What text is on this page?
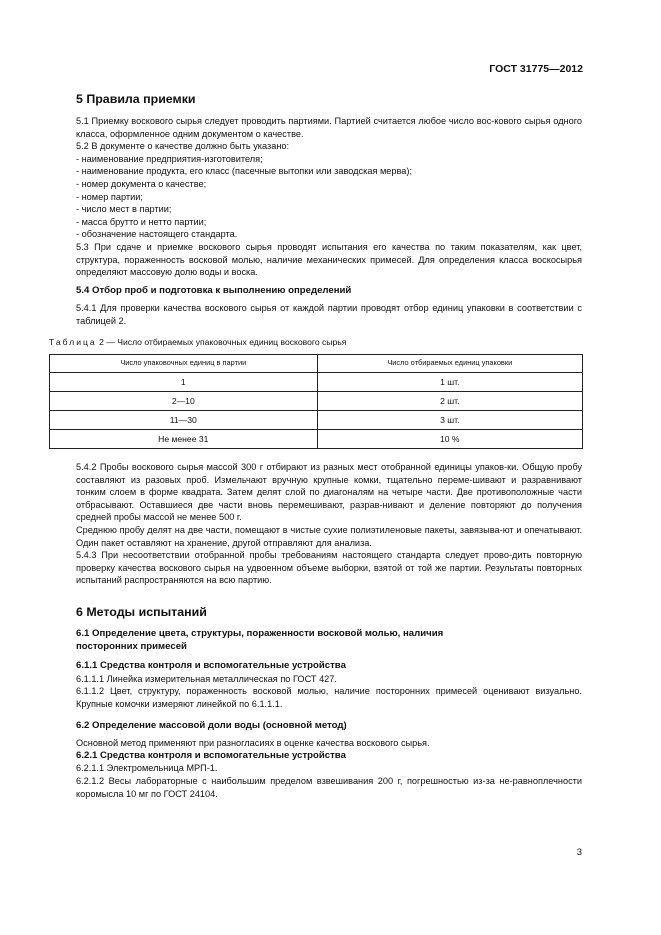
ГОСТ 31775—2012
5 Правила приемки

5.1 Приемку воскового сырья следует проводить партиями. Партией считается любое число вос-кового сырья одного класса, оформленное одним документом о качестве.

5.2 В документе о качестве должно быть указано:

- наименование предприятия-изготовителя;
- наименование продукта, его класс (пасечные вытопки или заводская мерва);
- номер документа о качестве;
- номер партии;
- число мест в партии;
- масса брутто и нетто партии;
- обозначение настоящего стандарта.

5.3 При сдаче и приемке воскового сырья проводят испытания его качества по таким показателям, как цвет, структура, пораженность восковой молью, наличие механических примесей. Для определения класса воскосырья определяют массовую долю воды и воска.

5.4 Отбор проб и подготовка к выполнению определений

5.4.1 Для проверки качества воскового сырья от каждой партии проводят отбор единиц упаковки в соответствии с таблицей 2.

Таблица 2 — Число отбираемых упаковочных единиц воскового сырья
Число упаковочных единиц в партии	Число отбираемых единиц упаковки
1	1 шт.
2—10	2 шт.
11—30	3 шт.
Не менее 31	10 %

5.4.2 Пробы воскового сырья массой 300 г отбирают из разных мест отобранной единицы упаков-ки. Общую пробу составляют из разовых проб. Измельчают вручную крупные комки, тщательно переме-шивают и разравнивают тонким слоем в форме квадрата. Затем делят слой по диагоналям на четыре части. Две противоположные части отбрасывают. Оставшиеся две части вновь перемешивают, разрав-нивают и деление повторяют до получения средней пробы массой не менее 500 г.

Среднюю пробу делят на две части, помещают в чистые сухие полиэтиленовые пакеты, завязыва-ют и опечатывают. Один пакет оставляют на хранение, другой отправляют для анализа.

5.4.3 При несоответствии отобранной пробы требованиям настоящего стандарта следует прово-дить повторную проверку качества воскового сырья на удвоенном объеме выборки, взятой от той же партии. Результаты повторных испытаний распространяются на всю партию.

6 Методы испытаний
6.1 Определение цвета, структуры, пораженности восковой молью, наличия посторонних примесей
6.1.1 Средства контроля и вспомогательные устройства

6.1.1.1 Линейка измерительная металлическая по ГОСТ 427.

6.1.1.2 Цвет, структуру, пораженность восковой молью, наличие посторонних примесей оценивают визуально. Крупные комочки измеряют линейкой по 6.1.1.1.

6.2 Определение массовой доли воды (основной метод)

Основной метод применяют при разногласиях в оценке качества воскового сырья.

6.2.1 Средства контроля и вспомогательные устройства

6.2.1.1 Электромельница МРП-1.

6.2.1.2 Весы лабораторные с наибольшим пределом взвешивания 200 г, погрешностью из-за не-равноплечности коромысла 10 мг по ГОСТ 24104.

3
